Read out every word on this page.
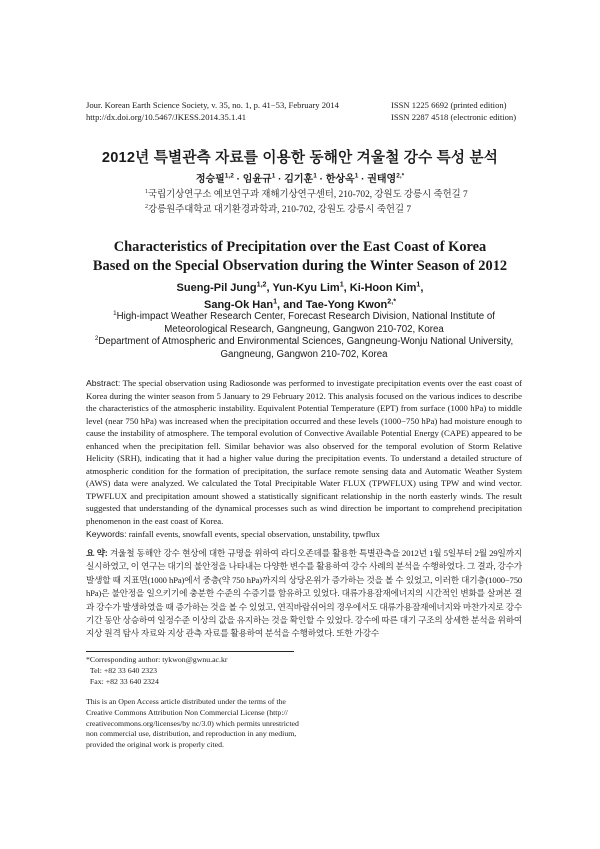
Jour. Korean Earth Science Society, v. 35, no. 1, p. 41−53, February 2014
http://dx.doi.org/10.5467/JKESS.2014.35.1.41
ISSN 1225 6692 (printed edition)
ISSN 2287 4518 (electronic edition)
2012년 특별관측 자료를 이용한 동해안 겨울철 강수 특성 분석
정승필$^{1,2}$ · 임윤규$^1$ · 김기훈$^1$ · 한상옥$^1$ · 권태영$^{2,*}$
$^1$국립기상연구소 예보연구과 재해기상연구센터, 210-702, 강원도 강릉시 죽헌길 7
$^2$강릉원주대학교 대기환경과학과, 210-702, 강원도 강릉시 죽헌길 7
Characteristics of Precipitation over the East Coast of Korea
Based on the Special Observation during the Winter Season of 2012
Sueng-Pil Jung$^{1,2}$, Yun-Kyu Lim$^1$, Ki-Hoon Kim$^1$,
Sang-Ok Han$^1$, and Tae-Yong Kwon$^{2,*}$
$^1$High-impact Weather Research Center, Forecast Research Division, National Institute of Meteorological Research, Gangneung, Gangwon 210-702, Korea
$^2$Department of Atmospheric and Environmental Sciences, Gangneung-Wonju National University, Gangneung, Gangwon 210-702, Korea
Abstract: The special observation using Radiosonde was performed to investigate precipitation events over the east coast of Korea during the winter season from 5 January to 29 February 2012. This analysis focused on the various indices to describe the characteristics of the atmospheric instability. Equivalent Potential Temperature (EPT) from surface (1000 hPa) to middle level (near 750 hPa) was increased when the precipitation occurred and these levels (1000−750 hPa) had moisture enough to cause the instability of atmosphere. The temporal evolution of Convective Available Potential Energy (CAPE) appeared to be enhanced when the precipitation fell. Similar behavior was also observed for the temporal evolution of Storm Relative Helicity (SRH), indicating that it had a higher value during the precipitation events. To understand a detailed structure of atmospheric condition for the formation of precipitation, the surface remote sensing data and Automatic Weather System (AWS) data were analyzed. We calculated the Total Precipitable Water FLUX (TPWFLUX) using TPW and wind vector. TPWFLUX and precipitation amount showed a statistically significant relationship in the north easterly winds. The result suggested that understanding of the dynamical processes such as wind direction be important to comprehend precipitation phenomenon in the east coast of Korea.
Keywords: rainfall events, snowfall events, special observation, unstability, tpwflux
요 약: 겨울철 동해안 강수 현상에 대한 규명을 위하여 라디오존데를 활용한 특별관측을 2012년 1월 5일부터 2월 29일까지 실시하였고, 이 연구는 대기의 불안정을 나타내는 다양한 변수를 활용하여 강수 사례의 분석을 수행하였다. 그 결과, 강수가 발생할 때 지표면(1000 hPa)에서 중층(약 750 hPa)까지의 상당온위가 증가하는 것을 볼 수 있었고, 이러한 대기층(1000−750 hPa)은 불안정을 일으키기에 충분한 수준의 수증기를 함유하고 있었다. 대류가용잠재에너지의 시간적인 변화를 살펴본 결과 강수가 발생하였을 때 증가하는 것을 볼 수 있었고, 연직바람쉬어의 경우에서도 대류가용잠재에너지와 마찬가지로 강수 기간 동안 상승하여 일정수준 이상의 값을 유지하는 것을 확인할 수 있었다. 강수에 따른 대기 구조의 상세한 분석을 위하여 지상 원격 탐사 자료와 지상 관측 자료를 활용하여 분석을 수행하였다. 또한 가강수
*Corresponding author: tykwon@gwnu.ac.kr
Tel: +82 33 640 2323
Fax: +82 33 640 2324
This is an Open Access article distributed under the terms of the
Creative Commons Attribution Non Commercial License (http://
creativecommons.org/licenses/by nc/3.0) which permits unrestricted
non commercial use, distribution, and reproduction in any medium,
provided the original work is properly cited.
